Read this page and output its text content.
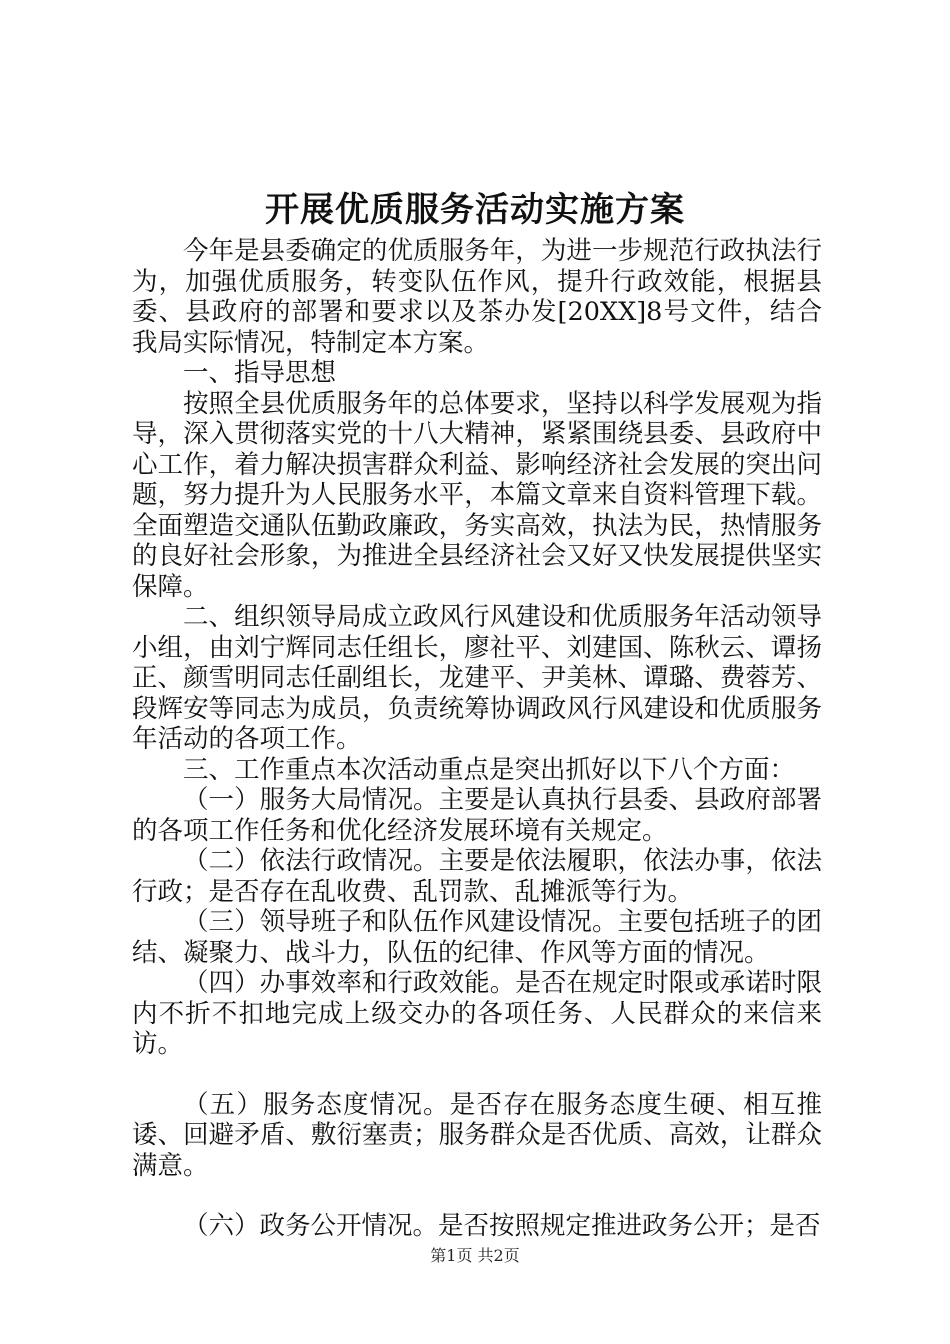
开展优质服务活动实施方案

今年是县委确定的优质服务年，为进一步规范行政执法行为，加强优质服务，转变队伍作风，提升行政效能，根据县委、县政府的部署和要求以及茶办发[20XX]8号文件，结合我局实际情况，特制定本方案。

一、指导思想

按照全县优质服务年的总体要求，坚持以科学发展观为指导，深入贯彻落实党的十八大精神，紧紧围绕县委、县政府中心工作，着力解决损害群众利益、影响经济社会发展的突出问题，努力提升为人民服务水平，本篇文章来自资料管理下载。全面塑造交通队伍勤政廉政，务实高效，执法为民，热情服务的良好社会形象，为推进全县经济社会又好又快发展提供坚实保障。

二、组织领导局成立政风行风建设和优质服务年活动领导小组，由刘宁辉同志任组长，廖社平、刘建国、陈秋云、谭扬正、颜雪明同志任副组长，龙建平、尹美林、谭璐、费蓉芳、段辉安等同志为成员，负责统筹协调政风行风建设和优质服务年活动的各项工作。

三、工作重点本次活动重点是突出抓好以下八个方面：

（一）服务大局情况。主要是认真执行县委、县政府部署的各项工作任务和优化经济发展环境有关规定。

（二）依法行政情况。主要是依法履职，依法办事，依法行政；是否存在乱收费、乱罚款、乱摊派等行为。

（三）领导班子和队伍作风建设情况。主要包括班子的团结、凝聚力、战斗力，队伍的纪律、作风等方面的情况。

（四）办事效率和行政效能。是否在规定时限或承诺时限内不折不扣地完成上级交办的各项任务、人民群众的来信来访。

（五）服务态度情况。是否存在服务态度生硬、相互推诿、回避矛盾、敷衍塞责；服务群众是否优质、高效，让群众满意。

（六）政务公开情况。是否按照规定推进政务公开；是否

第1页 共2页
